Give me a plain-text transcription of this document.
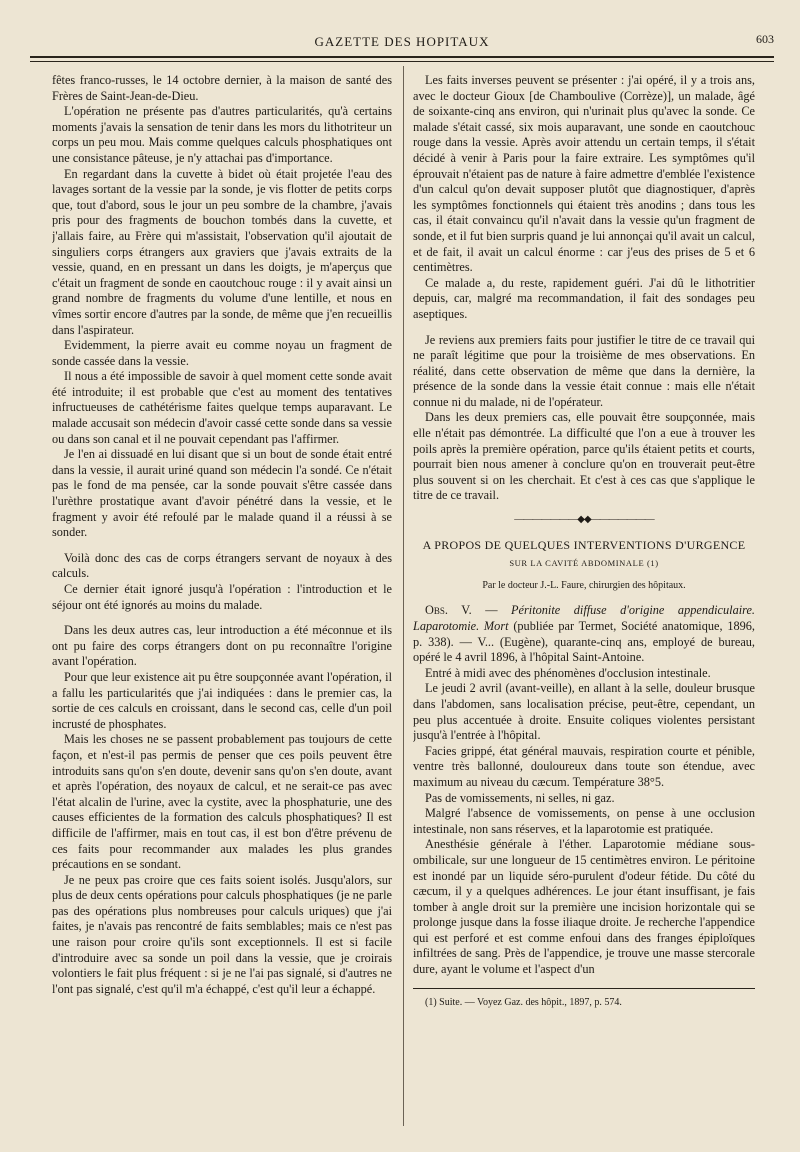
GAZETTE DES HOPITAUX	603

fêtes franco-russes, le 14 octobre dernier, à la maison de santé des Frères de Saint-Jean-de-Dieu.

L'opération ne présente pas d'autres particularités, qu'à certains moments j'avais la sensation de tenir dans les mors du lithotriteur un corps un peu mou. Mais comme quelques calculs phosphatiques ont une consistance pâteuse, je n'y attachai pas d'importance.

En regardant dans la cuvette à bidet où était projetée l'eau des lavages sortant de la vessie par la sonde, je vis flotter de petits corps que, tout d'abord, sous le jour un peu sombre de la chambre, j'avais pris pour des fragments de bouchon tombés dans la cuvette, et j'allais faire, au Frère qui m'assistait, l'observation qu'il ajoutait de singuliers corps étrangers aux graviers que j'avais extraits de la vessie, quand, en en pressant un dans les doigts, je m'aperçus que c'était un fragment de sonde en caoutchouc rouge : il y avait ainsi un grand nombre de fragments du volume d'une lentille, et nous en vîmes sortir encore d'autres par la sonde, de même que j'en recueillis dans l'aspirateur.

Evidemment, la pierre avait eu comme noyau un fragment de sonde cassée dans la vessie.

Il nous a été impossible de savoir à quel moment cette sonde avait été introduite; il est probable que c'est au moment des tentatives infructueuses de cathétérisme faites quelque temps auparavant. Le malade accusait son médecin d'avoir cassé cette sonde dans sa vessie ou dans son canal et il ne pouvait cependant pas l'affirmer.

Je l'en ai dissuadé en lui disant que si un bout de sonde était entré dans la vessie, il aurait uriné quand son médecin l'a sondé. Ce n'était pas le fond de ma pensée, car la sonde pouvait s'être cassée dans l'urèthre prostatique avant d'avoir pénétré dans la vessie, et le fragment y avoir été refoulé par le malade quand il a réussi à se sonder.

Voilà donc des cas de corps étrangers servant de noyaux à des calculs.

Ce dernier était ignoré jusqu'à l'opération : l'introduction et le séjour ont été ignorés au moins du malade.

Dans les deux autres cas, leur introduction a été méconnue et ils ont pu faire des corps étrangers dont on pu reconnaître l'origine avant l'opération.

Pour que leur existence ait pu être soupçonnée avant l'opération, il a fallu les particularités que j'ai indiquées : dans le premier cas, la sortie de ces calculs en croissant, dans le second cas, celle d'un poil incrusté de phosphates.

Mais les choses ne se passent probablement pas toujours de cette façon, et n'est-il pas permis de penser que ces poils peuvent être introduits sans qu'on s'en doute, devenir sans qu'on s'en doute, avant et après l'opération, des noyaux de calcul, et ne serait-ce pas avec l'état alcalin de l'urine, avec la cystite, avec la phosphaturie, une des causes efficientes de la formation des calculs phosphatiques? Il est difficile de l'affirmer, mais en tout cas, il est bon d'être prévenu de ces faits pour recommander aux malades les plus grandes précautions en se sondant.

Je ne peux pas croire que ces faits soient isolés. Jusqu'alors, sur plus de deux cents opérations pour calculs phosphatiques (je ne parle pas des opérations plus nombreuses pour calculs uriques) que j'ai faites, je n'avais pas rencontré de faits semblables; mais ce n'est pas une raison pour croire qu'ils sont exceptionnels. Il est si facile d'introduire avec sa sonde un poil dans la vessie, que je croirais volontiers le fait plus fréquent : si je ne l'ai pas signalé, si d'autres ne l'ont pas signalé, c'est qu'il m'a échappé, c'est qu'il leur a échappé.

Les faits inverses peuvent se présenter : j'ai opéré, il y a trois ans, avec le docteur Gioux [de Chamboulive (Corrèze)], un malade, âgé de soixante-cinq ans environ, qui n'urinait plus qu'avec la sonde. Ce malade s'était cassé, six mois auparavant, une sonde en caoutchouc rouge dans la vessie. Après avoir attendu un certain temps, il s'était décidé à venir à Paris pour la faire extraire. Les symptômes qu'il éprouvait n'étaient pas de nature à faire admettre d'emblée l'existence d'un calcul qu'on devait supposer plutôt que diagnostiquer, d'après les symptômes fonctionnels qui étaient très anodins ; dans tous les cas, il était convaincu qu'il n'avait dans la vessie qu'un fragment de sonde, et il fut bien surpris quand je lui annonçai qu'il avait un calcul, et de fait, il avait un calcul énorme : car j'eus des prises de 5 et 6 centimètres.

Ce malade a, du reste, rapidement guéri. J'ai dû le lithotritier depuis, car, malgré ma recommandation, il fait des sondages peu aseptiques.

Je reviens aux premiers faits pour justifier le titre de ce travail qui ne paraît légitime que pour la troisième de mes observations. En réalité, dans cette observation de même que dans la dernière, la présence de la sonde dans la vessie était connue : mais elle n'était connue ni du malade, ni de l'opérateur.

Dans les deux premiers cas, elle pouvait être soupçonnée, mais elle n'était pas démontrée. La difficulté que l'on a eue à trouver les poils après la première opération, parce qu'ils étaient petits et courts, pourrait bien nous amener à conclure qu'on en trouverait peut-être plus souvent si on les cherchait. Et c'est à ces cas que s'applique le titre de ce travail.

———————◆◆———————
A PROPOS DE QUELQUES INTERVENTIONS D'URGENCE
SUR LA CAVITÉ ABDOMINALE (1)
Par le docteur J.-L. Faure, chirurgien des hôpitaux.

Obs. V. — Péritonite diffuse d'origine appendiculaire. Laparotomie. Mort (publiée par Termet, Société anatomique, 1896, p. 338). — V... (Eugène), quarante-cinq ans, employé de bureau, opéré le 4 avril 1896, à l'hôpital Saint-Antoine.

Entré à midi avec des phénomènes d'occlusion intestinale.

Le jeudi 2 avril (avant-veille), en allant à la selle, douleur brusque dans l'abdomen, sans localisation précise, peut-être, cependant, un peu plus accentuée à droite. Ensuite coliques violentes persistant jusqu'à l'entrée à l'hôpital.

Facies grippé, état général mauvais, respiration courte et pénible, ventre très ballonné, douloureux dans toute son étendue, avec maximum au niveau du cæcum. Température 38°5.

Pas de vomissements, ni selles, ni gaz.

Malgré l'absence de vomissements, on pense à une occlusion intestinale, non sans réserves, et la laparotomie est pratiquée.

Anesthésie générale à l'éther. Laparotomie médiane sous-ombilicale, sur une longueur de 15 centimètres environ. Le péritoine est inondé par un liquide séro-purulent d'odeur fétide. Du côté du cæcum, il y a quelques adhérences. Le jour étant insuffisant, je fais tomber à angle droit sur la première une incision horizontale qui se prolonge jusque dans la fosse iliaque droite. Je recherche l'appendice qui est perforé et est comme enfoui dans des franges épiploïques infiltrées de sang. Près de l'appendice, je trouve une masse stercorale dure, ayant le volume et l'aspect d'un

(1) Suite. — Voyez Gaz. des hôpit., 1897, p. 574.
